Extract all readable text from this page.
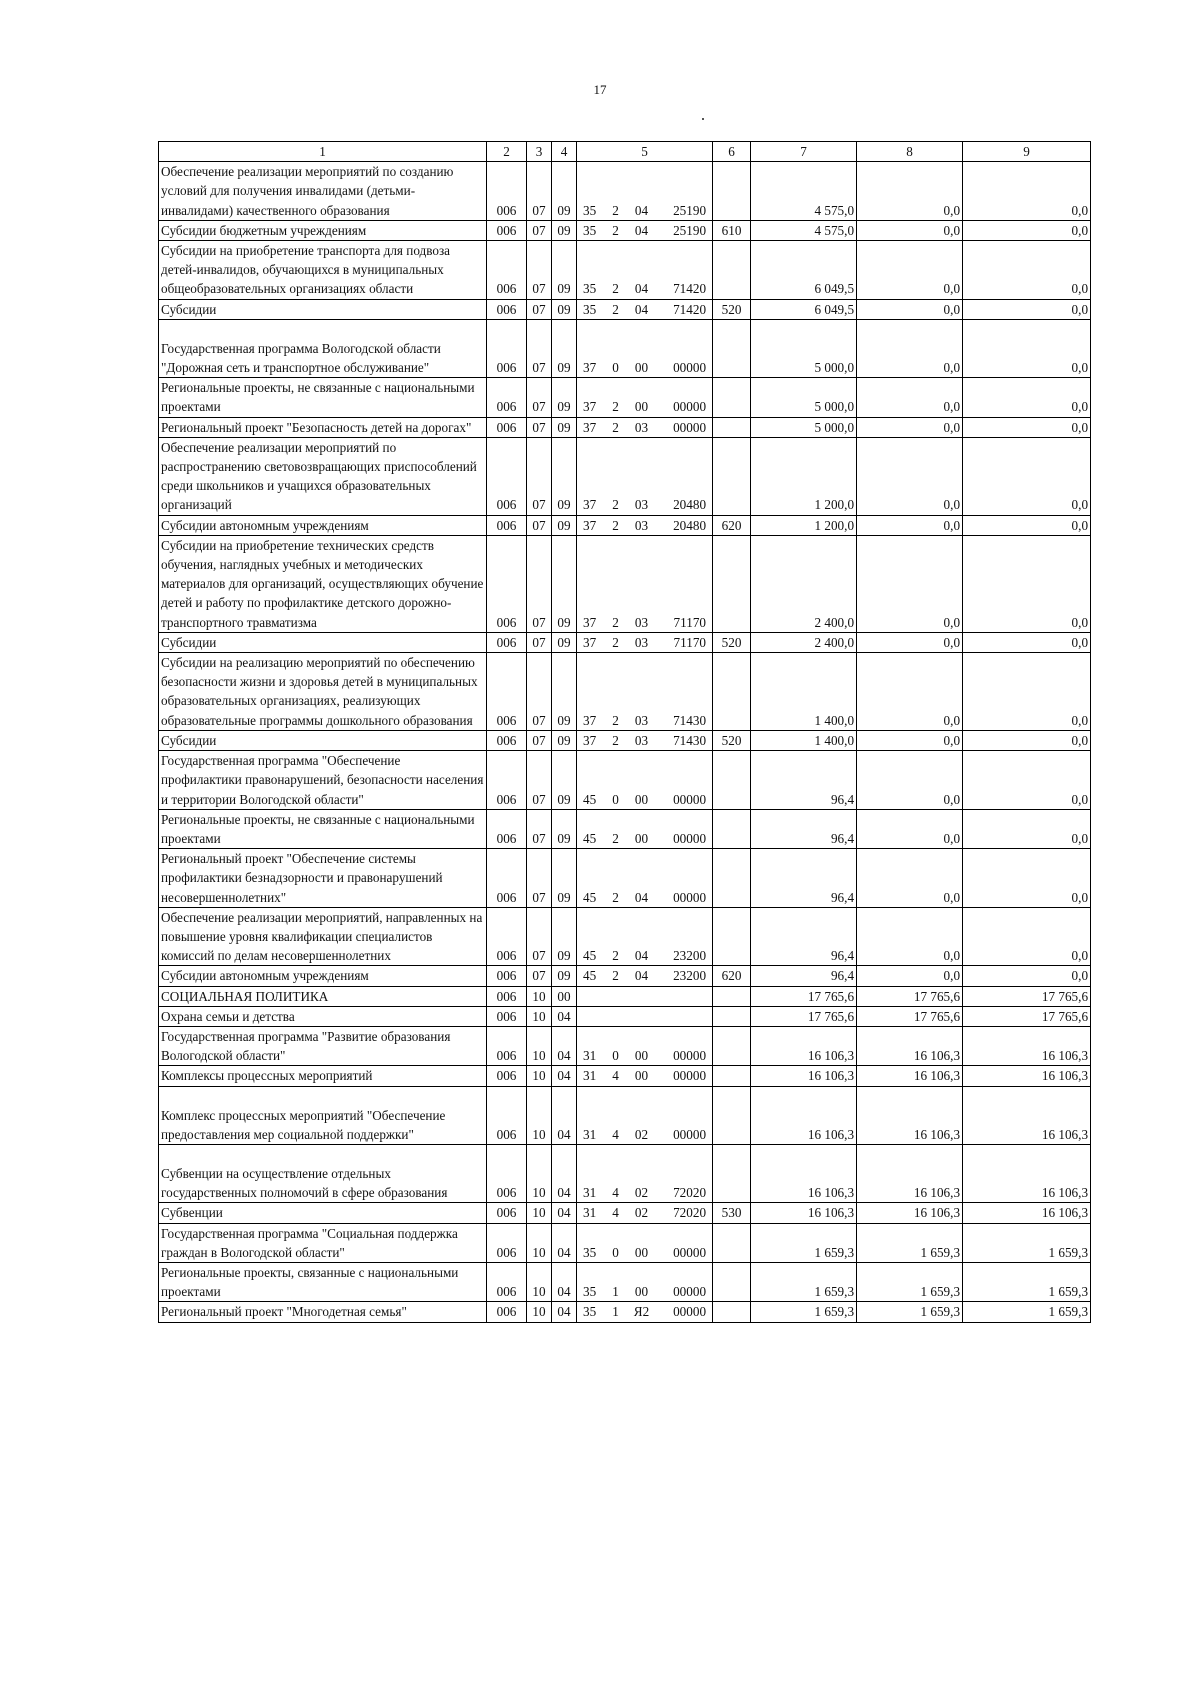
17
1	2	3	4	5				6	7	8	9
Обеспечение реализации мероприятий по созданию условий для получения инвалидами (детьми-инвалидами) качественного образования	006	07	09	35	2	04	25190		4 575,0	0,0	0,0
Субсидии бюджетным учреждениям	006	07	09	35	2	04	25190	610	4 575,0	0,0	0,0
Субсидии на приобретение транспорта для подвоза детей-инвалидов, обучающихся в муниципальных общеобразовательных организациях области	006	07	09	35	2	04	71420		6 049,5	0,0	0,0
Субсидии	006	07	09	35	2	04	71420	520	6 049,5	0,0	0,0
Государственная программа Вологодской области "Дорожная сеть и транспортное обслуживание"	006	07	09	37	0	00	00000		5 000,0	0,0	0,0
Региональные проекты, не связанные с национальными проектами	006	07	09	37	2	00	00000		5 000,0	0,0	0,0
Региональный проект "Безопасность детей на дорогах"	006	07	09	37	2	03	00000		5 000,0	0,0	0,0
Обеспечение реализации мероприятий по распространению световозвращающих приспособлений среди школьников и учащихся образовательных организаций	006	07	09	37	2	03	20480		1 200,0	0,0	0,0
Субсидии автономным учреждениям	006	07	09	37	2	03	20480	620	1 200,0	0,0	0,0
Субсидии на приобретение технических средств обучения, наглядных учебных и методических материалов для организаций, осуществляющих обучение детей и работу по профилактике детского дорожно-транспортного травматизма	006	07	09	37	2	03	71170		2 400,0	0,0	0,0
Субсидии	006	07	09	37	2	03	71170	520	2 400,0	0,0	0,0
Субсидии на реализацию мероприятий по обеспечению безопасности жизни и здоровья детей в муниципальных образовательных организациях, реализующих образовательные программы дошкольного образования	006	07	09	37	2	03	71430		1 400,0	0,0	0,0
Субсидии	006	07	09	37	2	03	71430	520	1 400,0	0,0	0,0
Государственная программа "Обеспечение профилактики правонарушений, безопасности населения и территории Вологодской области"	006	07	09	45	0	00	00000		96,4	0,0	0,0
Региональные проекты, не связанные с национальными проектами	006	07	09	45	2	00	00000		96,4	0,0	0,0
Региональный проект "Обеспечение системы профилактики безнадзорности и правонарушений несовершеннолетних"	006	07	09	45	2	04	00000		96,4	0,0	0,0
Обеспечение реализации мероприятий, направленных на повышение уровня квалификации специалистов комиссий по делам несовершеннолетних	006	07	09	45	2	04	23200		96,4	0,0	0,0
Субсидии автономным учреждениям	006	07	09	45	2	04	23200	620	96,4	0,0	0,0
СОЦИАЛЬНАЯ ПОЛИТИКА	006	10	00						17 765,6	17 765,6	17 765,6
Охрана семьи и детства	006	10	04						17 765,6	17 765,6	17 765,6
Государственная программа "Развитие образования Вологодской области"	006	10	04	31	0	00	00000		16 106,3	16 106,3	16 106,3
Комплексы процессных мероприятий	006	10	04	31	4	00	00000		16 106,3	16 106,3	16 106,3
Комплекс процессных мероприятий "Обеспечение предоставления мер социальной поддержки"	006	10	04	31	4	02	00000		16 106,3	16 106,3	16 106,3
Субвенции на осуществление отдельных государственных полномочий в сфере образования	006	10	04	31	4	02	72020		16 106,3	16 106,3	16 106,3
Субвенции	006	10	04	31	4	02	72020	530	16 106,3	16 106,3	16 106,3
Государственная программа "Социальная поддержка граждан в Вологодской области"	006	10	04	35	0	00	00000		1 659,3	1 659,3	1 659,3
Региональные проекты, связанные с национальными проектами	006	10	04	35	1	00	00000		1 659,3	1 659,3	1 659,3
Региональный проект "Многодетная семья"	006	10	04	35	1	Я2	00000		1 659,3	1 659,3	1 659,3
